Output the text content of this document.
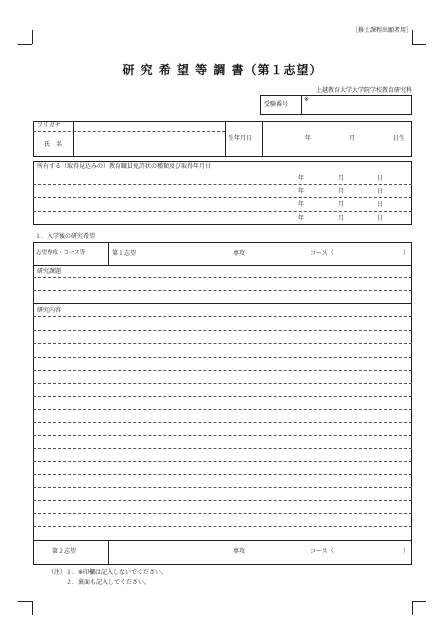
［修士課程出願者用］
研 究 希 望 等 調 書（第１志望）
上越教育大学大学院学校教育研究科
受験番号
※
フリガナ
氏　名
生年月日	年	月	日生
所有する（取得見込みの）教育職員免許状の種類及び取得年月日
年	月	日
年	月	日
年	月	日
年	月	日
１．入学後の研究希望
志望専攻・コース等	第１志望	専攻	コース（	）
研究課題
研究内容
第２志望	専攻	コース（	）
（注） １．※印欄は記入しないでください。
２．裏面も記入してください。
